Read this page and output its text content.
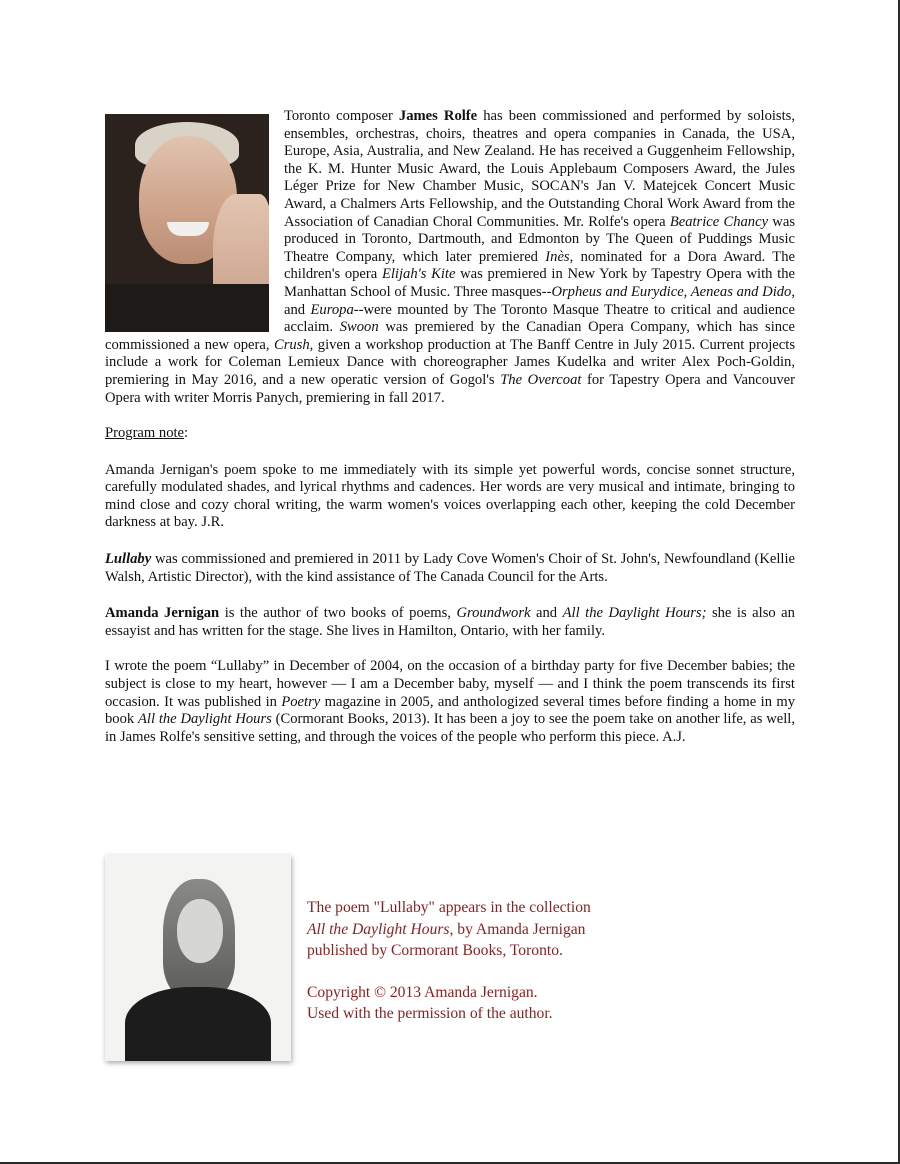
Toronto composer James Rolfe has been commissioned and performed by soloists, ensembles, orchestras, choirs, theatres and opera companies in Canada, the USA, Europe, Asia, Australia, and New Zealand. He has received a Guggenheim Fellowship, the K. M. Hunter Music Award, the Louis Applebaum Composers Award, the Jules Léger Prize for New Chamber Music, SOCAN's Jan V. Matejcek Concert Music Award, a Chalmers Arts Fellowship, and the Outstanding Choral Work Award from the Association of Canadian Choral Communities. Mr. Rolfe's opera Beatrice Chancy was produced in Toronto, Dartmouth, and Edmonton by The Queen of Puddings Music Theatre Company, which later premiered Inès, nominated for a Dora Award. The children's opera Elijah's Kite was premiered in New York by Tapestry Opera with the Manhattan School of Music. Three masques--Orpheus and Eurydice, Aeneas and Dido, and Europa--were mounted by The Toronto Masque Theatre to critical and audience acclaim. Swoon was premiered by the Canadian Opera Company, which has since commissioned a new opera, Crush, given a workshop production at The Banff Centre in July 2015. Current projects include a work for Coleman Lemieux Dance with choreographer James Kudelka and writer Alex Poch-Goldin, premiering in May 2016, and a new operatic version of Gogol's The Overcoat for Tapestry Opera and Vancouver Opera with writer Morris Panych, premiering in fall 2017.

Program note:

Amanda Jernigan's poem spoke to me immediately with its simple yet powerful words, concise sonnet structure, carefully modulated shades, and lyrical rhythms and cadences. Her words are very musical and intimate, bringing to mind close and cozy choral writing, the warm women's voices overlapping each other, keeping the cold December darkness at bay. J.R.

Lullaby was commissioned and premiered in 2011 by Lady Cove Women's Choir of St. John's, Newfoundland (Kellie Walsh, Artistic Director), with the kind assistance of The Canada Council for the Arts.

Amanda Jernigan is the author of two books of poems, Groundwork and All the Daylight Hours; she is also an essayist and has written for the stage. She lives in Hamilton, Ontario, with her family.

I wrote the poem “Lullaby” in December of 2004, on the occasion of a birthday party for five December babies; the subject is close to my heart, however — I am a December baby, myself — and I think the poem transcends its first occasion. It was published in Poetry magazine in 2005, and anthologized several times before finding a home in my book All the Daylight Hours (Cormorant Books, 2013). It has been a joy to see the poem take on another life, as well, in James Rolfe's sensitive setting, and through the voices of the people who perform this piece. A.J.

The poem "Lullaby" appears in the collection
All the Daylight Hours, by Amanda Jernigan
published by Cormorant Books, Toronto.
Copyright © 2013 Amanda Jernigan.
Used with the permission of the author.
